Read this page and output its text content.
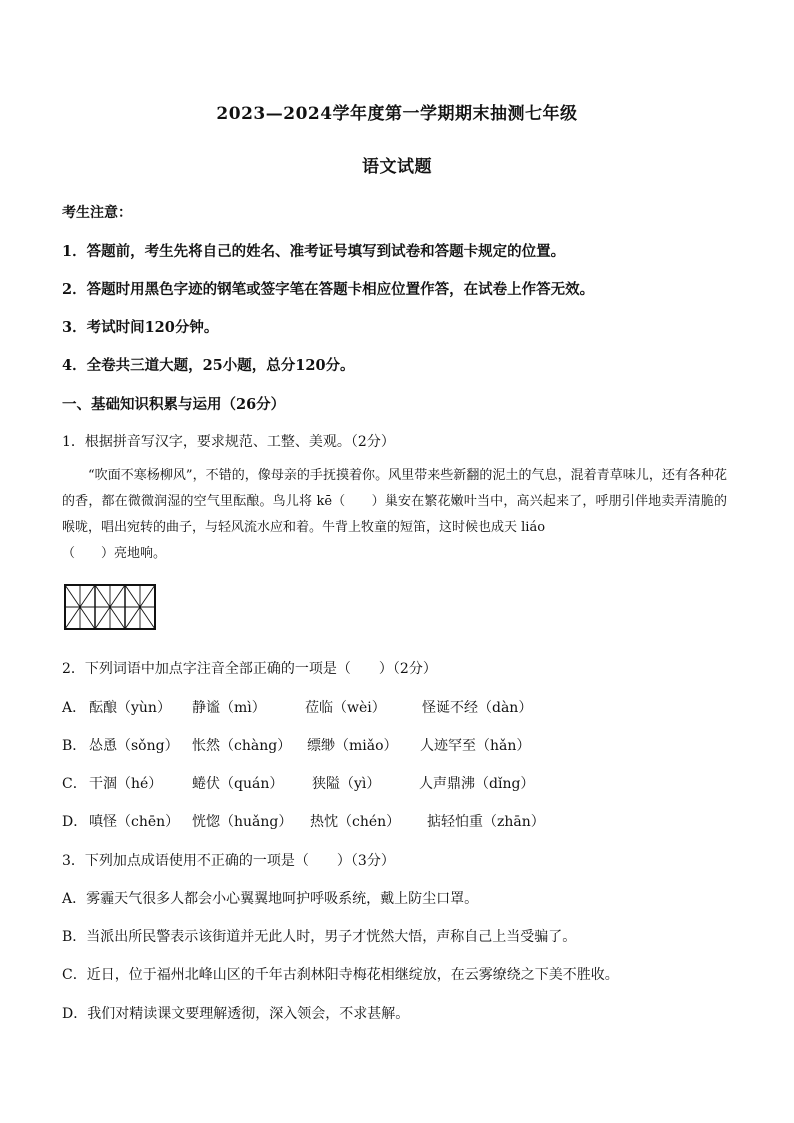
2023—2024学年度第一学期期末抽测七年级
语文试题
考生注意：
1．答题前，考生先将自己的姓名、准考证号填写到试卷和答题卡规定的位置。
2．答题时用黑色字迹的钢笔或签字笔在答题卡相应位置作答，在试卷上作答无效。
3．考试时间120分钟。
4．全卷共三道大题，25小题，总分120分。
一、基础知识积累与运用（26分）
1．根据拼音写汉字，要求规范、工整、美观。（2分）

“吹面不寒杨柳风”，不错的，像母亲的手抚摸着你。风里带来些新翻的泥土的气息，混着青草味儿，还有各种花的香，都在微微润湿的空气里酝酿。鸟儿将 kē（　　）巢安在繁花嫩叶当中，高兴起来了，呼朋引伴地卖弄清脆的喉咙，唱出宛转的曲子，与轻风流水应和着。牛背上牧童的短笛，这时候也成天 liáo

（　　）亮地响。
2．下列词语中加点字注音全部正确的一项是（　　）（2分）
A． 酝酿（yùn） 静谧（mì）	莅临（wèi）	怪诞不经（dàn）
B． 怂恿（sǒng） 怅然（chàng） 缥缈（miǎo） 人迹罕至（hǎn）
C． 干涸（hé） 蜷伏（quán） 狭隘（yì）	人声鼎沸（dǐng）
D． 嗔怪（chēn） 恍惚（huǎng） 热忱（chén） 掂轻怕重（zhān）
3．下列加点成语使用不正确的一项是（　　）（3分）
A．雾霾天气很多人都会小心翼翼地呵护呼吸系统，戴上防尘口罩。
B．当派出所民警表示该街道并无此人时，男子才恍然大悟，声称自己上当受骗了。
C．近日，位于福州北峰山区的千年古刹林阳寺梅花相继绽放，在云雾缭绕之下美不胜收。
D．我们对精读课文要理解透彻，深入领会，不求甚解。
